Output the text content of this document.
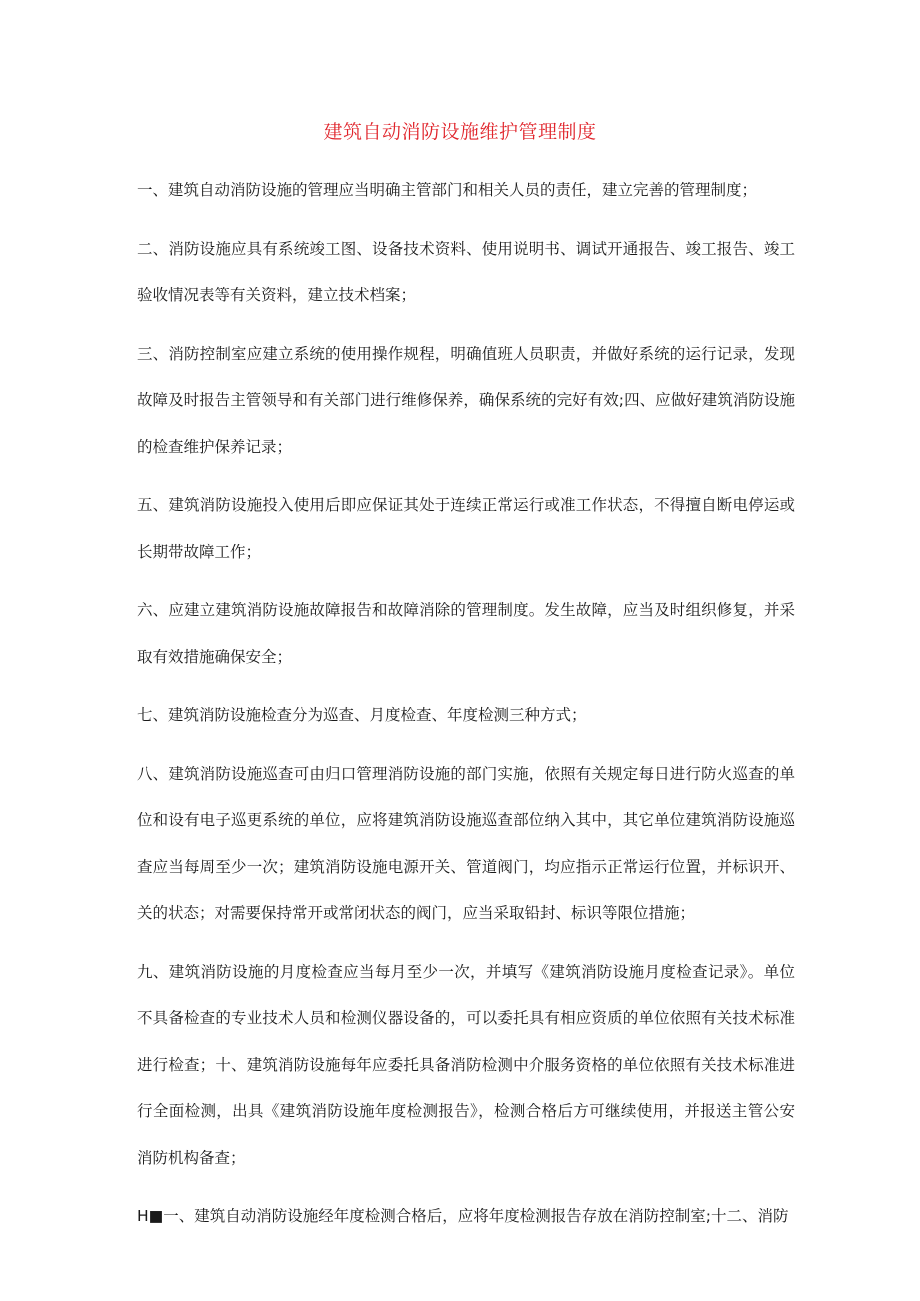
建筑自动消防设施维护管理制度

一、建筑自动消防设施的管理应当明确主管部门和相关人员的责任，建立完善的管理制度；

二、消防设施应具有系统竣工图、设备技术资料、使用说明书、调试开通报告、竣工报告、竣工验收情况表等有关资料，建立技术档案；

三、消防控制室应建立系统的使用操作规程，明确值班人员职责，并做好系统的运行记录，发现故障及时报告主管领导和有关部门进行维修保养，确保系统的完好有效;四、应做好建筑消防设施的检查维护保养记录；

五、建筑消防设施投入使用后即应保证其处于连续正常运行或准工作状态，不得擅自断电停运或长期带故障工作；

六、应建立建筑消防设施故障报告和故障消除的管理制度。发生故障，应当及时组织修复，并采取有效措施确保安全；

七、建筑消防设施检查分为巡查、月度检查、年度检测三种方式；

八、建筑消防设施巡查可由归口管理消防设施的部门实施，依照有关规定每日进行防火巡查的单位和设有电子巡更系统的单位，应将建筑消防设施巡查部位纳入其中，其它单位建筑消防设施巡查应当每周至少一次；建筑消防设施电源开关、管道阀门，均应指示正常运行位置，并标识开、关的状态；对需要保持常开或常闭状态的阀门，应当采取铅封、标识等限位措施；

九、建筑消防设施的月度检查应当每月至少一次，并填写《建筑消防设施月度检查记录》。单位不具备检查的专业技术人员和检测仪器设备的，可以委托具有相应资质的单位依照有关技术标准进行检查；十、建筑消防设施每年应委托具备消防检测中介服务资格的单位依照有关技术标准进行全面检测，出具《建筑消防设施年度检测报告》，检测合格后方可继续使用，并报送主管公安消防机构备查；

H■一、建筑自动消防设施经年度检测合格后，应将年度检测报告存放在消防控制室;十二、消防
